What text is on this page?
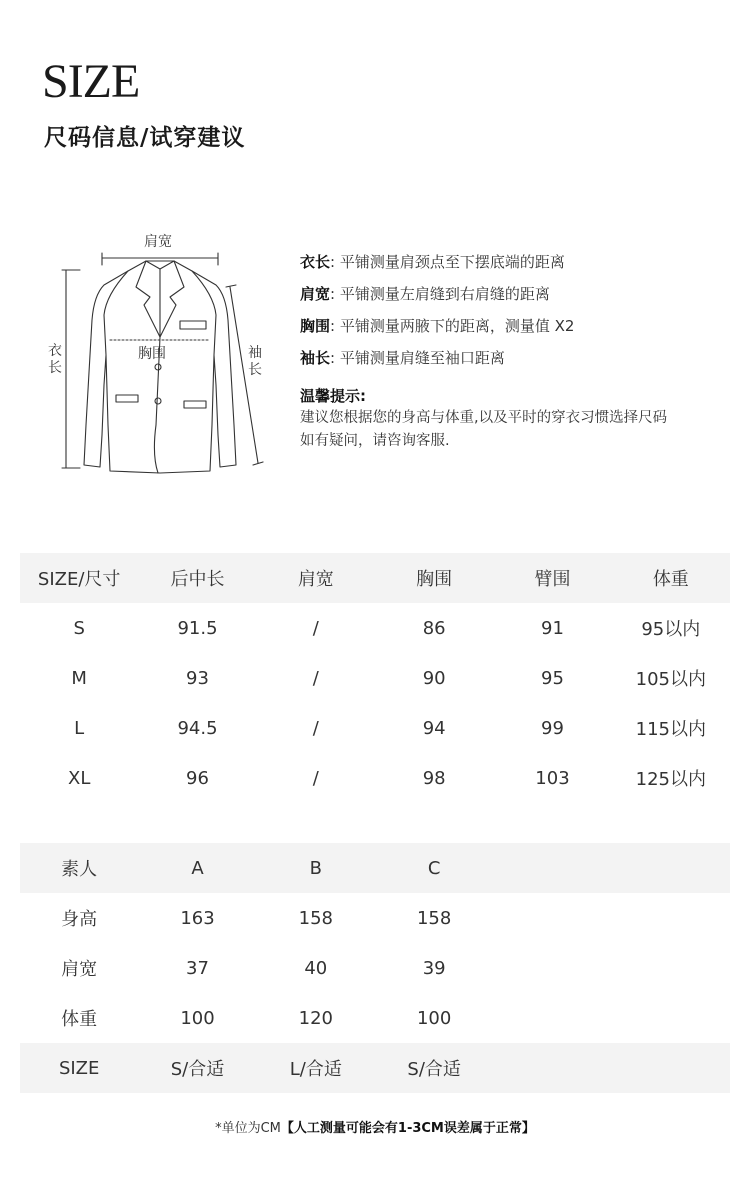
SIZE
尺码信息/试穿建议
肩宽
衣长
胸围	袖长
衣长: 平铺测量肩颈点至下摆底端的距离
肩宽: 平铺测量左肩缝到右肩缝的距离
胸围: 平铺测量两腋下的距离，测量值 X2
袖长: 平铺测量肩缝至袖口距离
温馨提示:
建议您根据您的身高与体重,以及平时的穿衣习惯选择尺码
如有疑问，请咨询客服.
SIZE/尺寸	后中长	肩宽	胸围	臂围	体重
S	91.5	/	86	91	95以内
M	93	/	90	95	105以内
L	94.5	/	94	99	115以内
XL	96	/	98	103	125以内
素人	A	B	C		
身高	163	158	158		
肩宽	37	40	39		
体重	100	120	100		
SIZE	S/合适	L/合适	S/合适		
*单位为CM【人工测量可能会有1-3CM误差属于正常】
